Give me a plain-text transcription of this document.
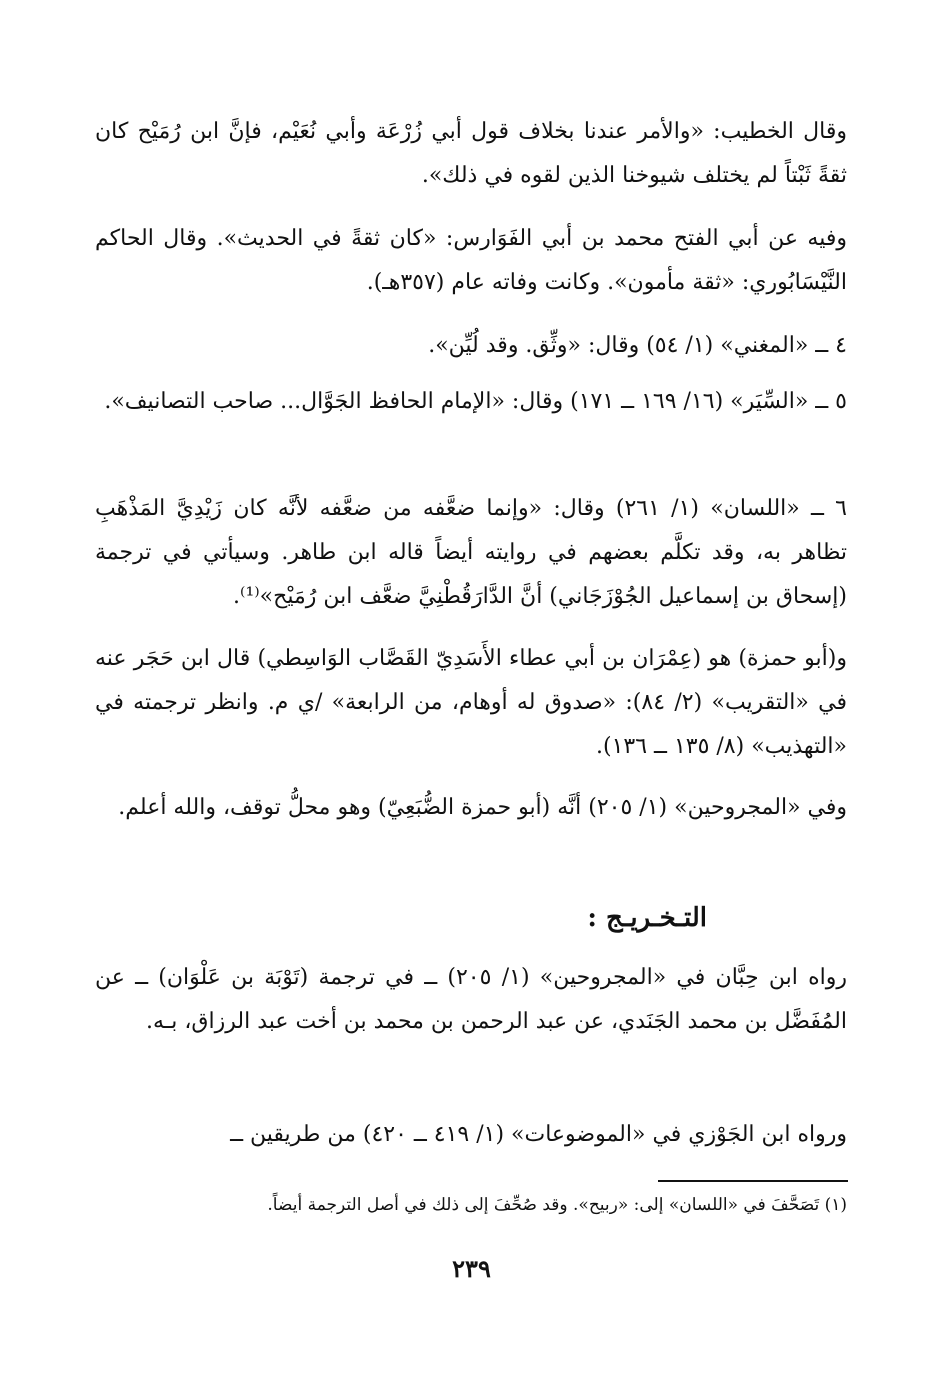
وقال الخطيب: «والأمر عندنا بخلاف قول أبي زُرْعَة وأبي نُعَيْم، فإنَّ ابن رُمَيْح كان ثقةً ثَبْتاً لم يختلف شيوخنا الذين لقوه في ذلك».

وفيه عن أبي الفتح محمد بن أبي الفَوَارس: «كان ثقةً في الحديث». وقال الحاكم النَّيْسَابُوري: «ثقة مأمون». وكانت وفاته عام (٣٥٧هـ).

٤ ــ «المغني» (١/ ٥٤) وقال: «وثِّق. وقد لُيِّن».

٥ ــ «السِّيَر» (١٦/ ١٦٩ ــ ١٧١) وقال: «الإمام الحافظ الجَوَّال... صاحب التصانيف».

٦ ــ «اللسان» (١/ ٢٦١) وقال: «وإنما ضعَّفه من ضعَّفه لأنَّه كان زَيْدِيَّ المَذْهَبِ تظاهر به، وقد تكلَّم بعضهم في روايته أيضاً قاله ابن طاهر. وسيأتي في ترجمة (إسحاق بن إسماعيل الجُوْزَجَاني) أنَّ الدَّارَقُطْنِيَّ ضعَّف ابن رُمَيْح»⁽¹⁾.

و(أبو حمزة) هو (عِمْرَان بن أبي عطاء الأَسَدِيّ القَصَّاب الوَاسِطي) قال ابن حَجَر عنه في «التقريب» (٢/ ٨٤): «صدوق له أوهام، من الرابعة» /ي م. وانظر ترجمته في «التهذيب» (٨/ ١٣٥ ــ ١٣٦).

وفي «المجروحين» (١/ ٢٠٥) أنَّه (أبو حمزة الضُّبَعِيّ) وهو محلُّ توقف، والله أعلم.

التـخـريـج :

رواه ابن حِبَّان في «المجروحين» (١/ ٢٠٥) ــ في ترجمة (تَوْبَة بن عَلْوَان) ــ عن المُفَضَّل بن محمد الجَنَدي، عن عبد الرحمن بن محمد بن أخت عبد الرزاق، بـه.

ورواه ابن الجَوْزي في «الموضوعات» (١/ ٤١٩ ــ ٤٢٠) من طريقين ــ

(١) تَصَحَّفَ في «اللسان» إلى: «ربيح». وقد صُحِّفَ إلى ذلك في أصل الترجمة أيضاً.

٢٣٩
